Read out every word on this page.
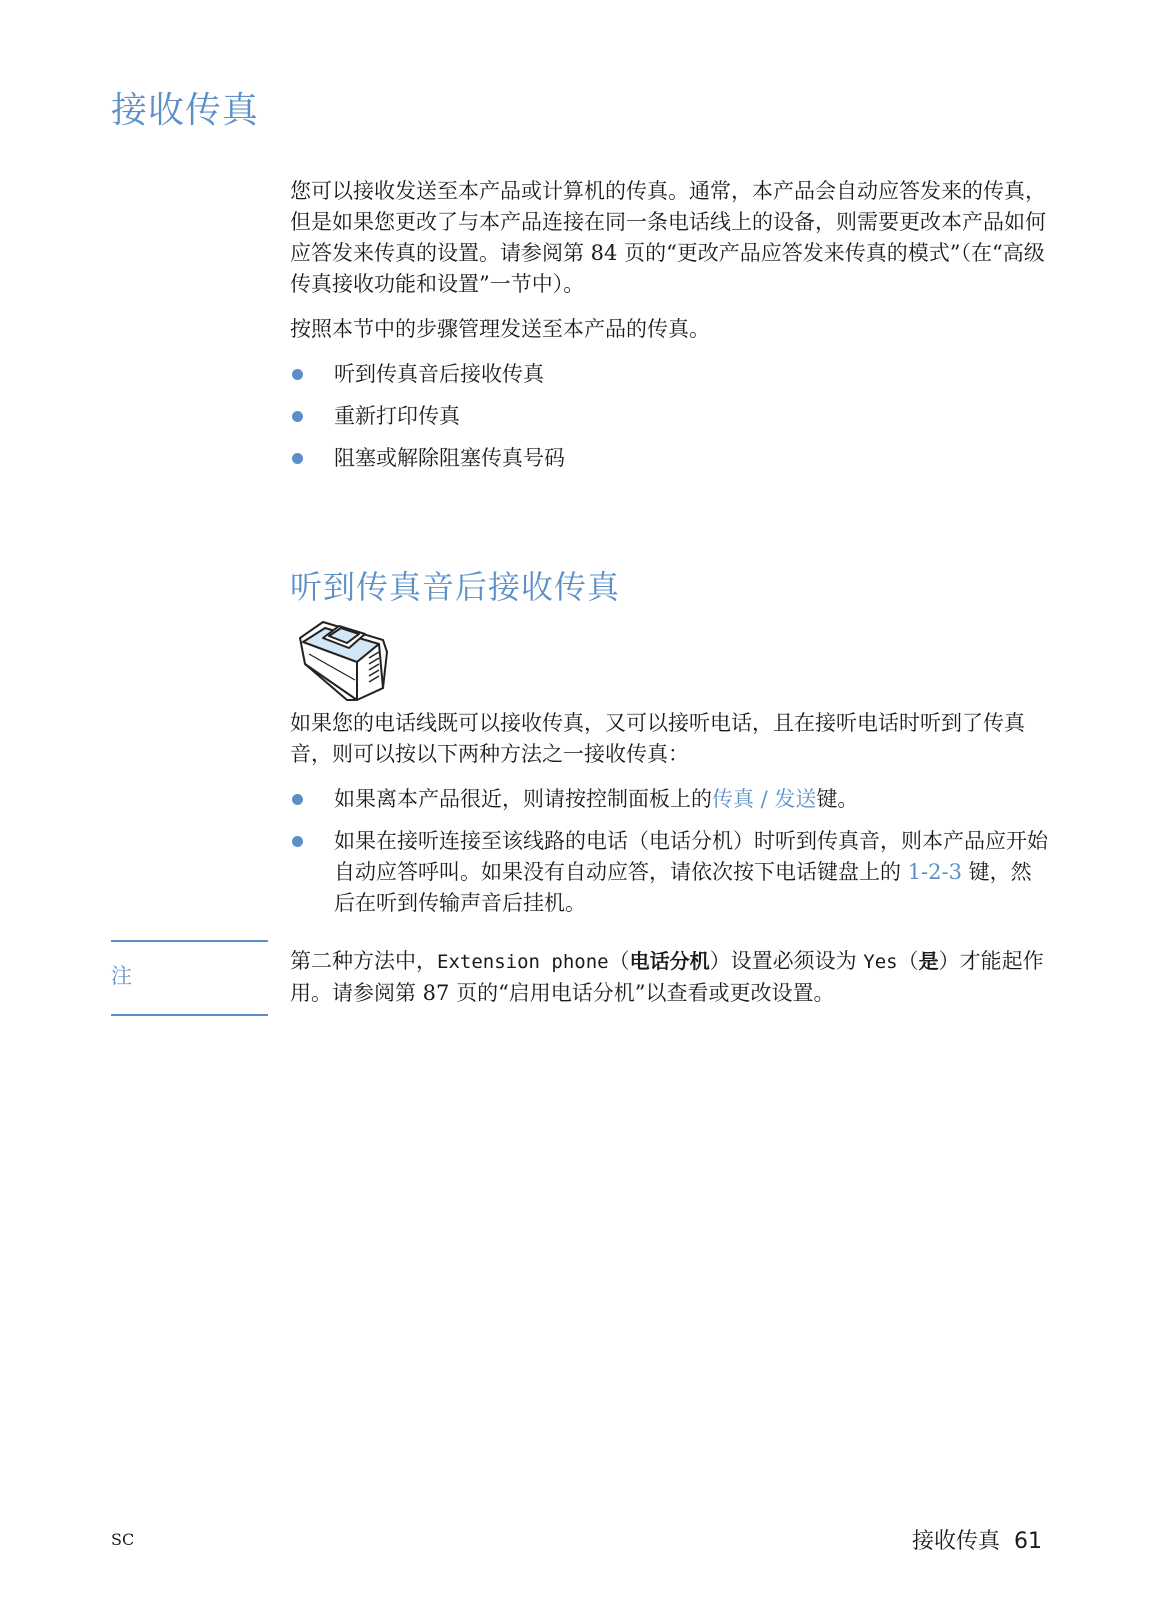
接收传真

您可以接收发送至本产品或计算机的传真。通常，本产品会自动应答发来的传真，但是如果您更改了与本产品连接在同一条电话线上的设备，则需要更改本产品如何应答发来传真的设置。请参阅第 84 页的“更改产品应答发来传真的模式”（在“高级传真接收功能和设置”一节中）。

按照本节中的步骤管理发送至本产品的传真。

听到传真音后接收传真
重新打印传真
阻塞或解除阻塞传真号码
听到传真音后接收传真

如果您的电话线既可以接收传真，又可以接听电话，且在接听电话时听到了传真音，则可以按以下两种方法之一接收传真：

如果离本产品很近，则请按控制面板上的传真 / 发送键。
如果在接听连接至该线路的电话（电话分机）时听到传真音，则本产品应开始自动应答呼叫。如果没有自动应答，请依次按下电话键盘上的 1-2-3 键，然后在听到传输声音后挂机。
注

第二种方法中，Extension phone（电话分机）设置必须设为 Yes（是）才能起作用。请参阅第 87 页的“启用电话分机”以查看或更改设置。

SC	接收传真 61
